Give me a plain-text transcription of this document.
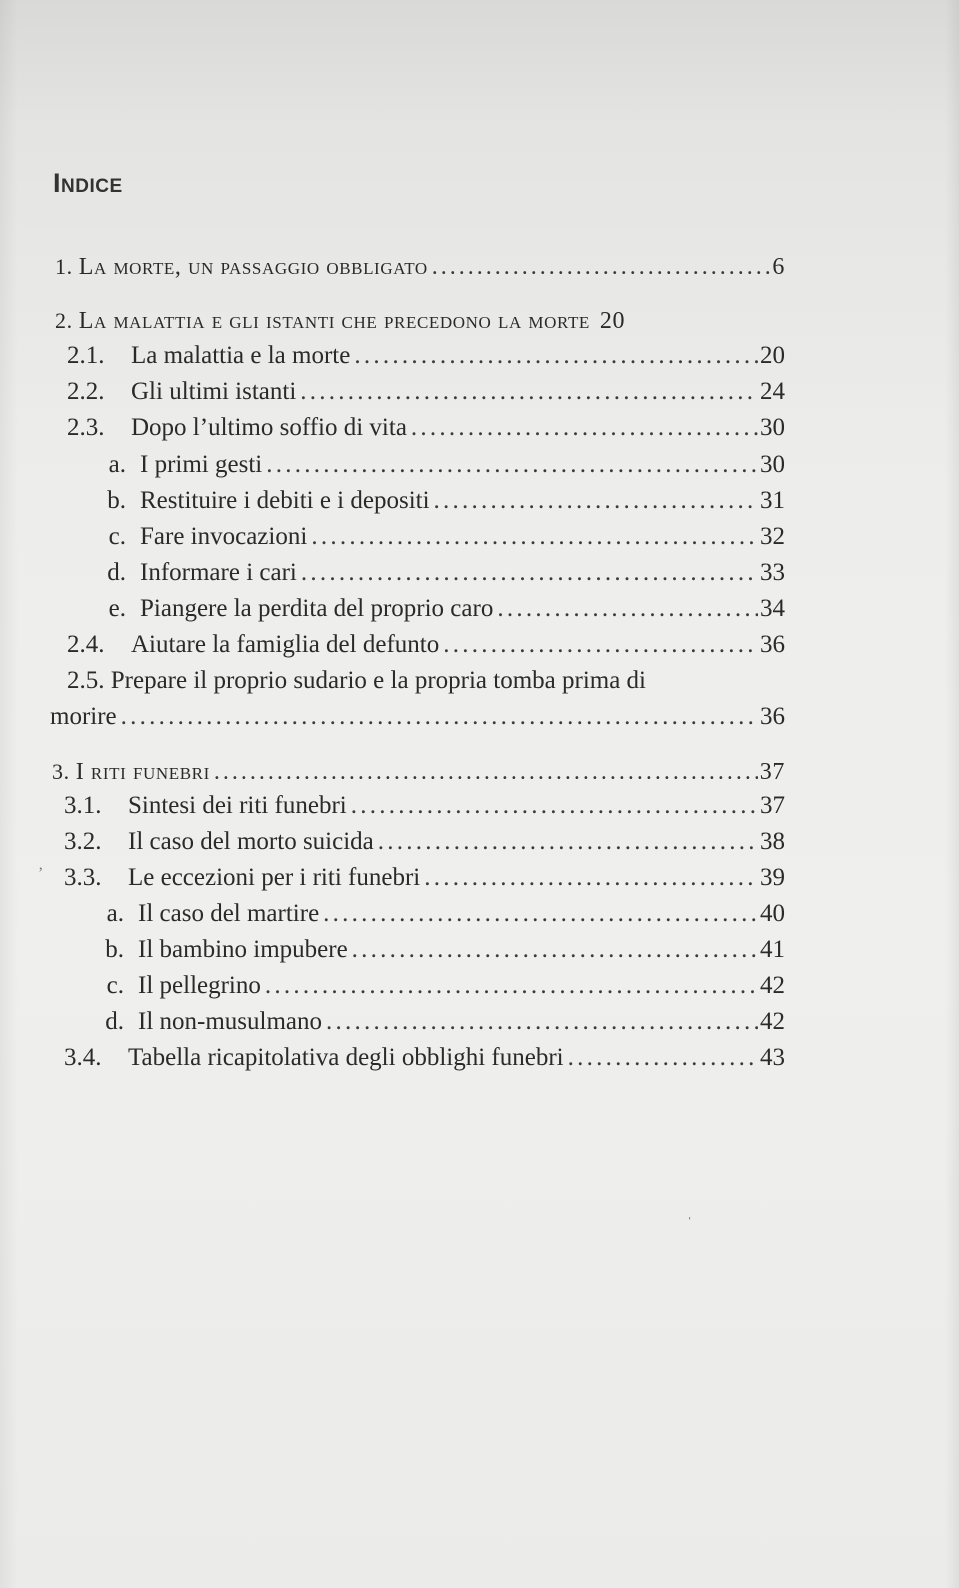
Indice
1. La morte, un passaggio obbligato . . .	6
2. La malattia e gli istanti che precedono la morte 20
2.1.	La malattia e la morte . . .	20
2.2.	Gli ultimi istanti . . .	24
2.3.	Dopo l’ultimo soffio di vita . . .	30
a. I primi gesti . . .	30
b. Restituire i debiti e i depositi . . .	31
c. Fare invocazioni . . .	32
d. Informare i cari . . .	33
e. Piangere la perdita del proprio caro . . .	34
2.4.	Aiutare la famiglia del defunto . . .	36
2.5. Prepare il proprio sudario e la propria tomba prima di
morire . . .	36
3. I riti funebri . . .	37
3.1.	Sintesi dei riti funebri . . .	37
3.2.	Il caso del morto suicida . . .	38
3.3.	Le eccezioni per i riti funebri . . .	39
a. Il caso del martire . . .	40
b. Il bambino impubere . . .	41
c. Il pellegrino . . .	42
d. Il non-musulmano . . .	42
3.4.	Tabella ricapitolativa degli obblighi funebri . . .	43
ʼ
ˌ
